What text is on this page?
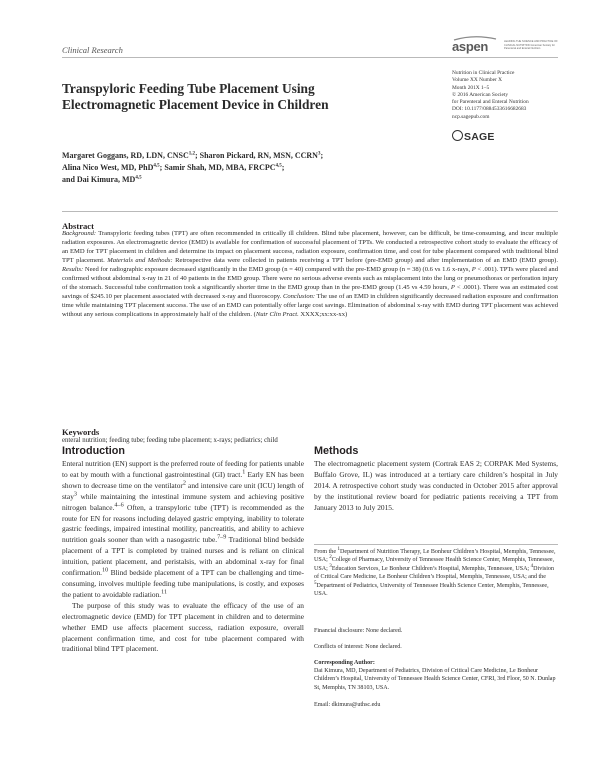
Clinical Research	aspen	LEADING THE SCIENCE AND PRACTICE OF CLINICAL NUTRITION American Society for Parenteral and Enteral Nutrition
Nutrition in Clinical Practice
Volume XX Number X
Month 201X 1–5
© 2016 American Society
for Parenteral and Enteral Nutrition
DOI: 10.1177/0884533616682683
ncp.sagepub.com
SAGE
Transpyloric Feeding Tube Placement Using Electromagnetic Placement Device in Children
Margaret Goggans, RD, LDN, CNSC$^{1,2}$; Sharon Pickard, RN, MSN, CCRN$^3$;
Alina Nico West, MD, PhD$^{4,5}$; Samir Shah, MD, MBA, FRCPC$^{4,5}$;
and Dai Kimura, MD$^{4,5}$
Abstract
Background: Transpyloric feeding tubes (TPT) are often recommended in critically ill children. Blind tube placement, however, can be difficult, be time-consuming, and incur multiple radiation exposures. An electromagnetic device (EMD) is available for confirmation of successful placement of TPTs. We conducted a retrospective cohort study to evaluate the efficacy of an EMD for TPT placement in children and determine its impact on placement success, radiation exposure, confirmation time, and cost for tube placement compared with traditional blind TPT placement. Materials and Methods: Retrospective data were collected in patients receiving a TPT before (pre-EMD group) and after implementation of an EMD (EMD group). Results: Need for radiographic exposure decreased significantly in the EMD group (n = 40) compared with the pre-EMD group (n = 38) (0.6 vs 1.6 x-rays, P < .001). TPTs were placed and confirmed without abdominal x-ray in 21 of 40 patients in the EMD group. There were no serious adverse events such as misplacement into the lung or pneumothorax or perforation injury of the stomach. Successful tube confirmation took a significantly shorter time in the EMD group than in the pre-EMD group (1.45 vs 4.59 hours, P < .0001). There was an estimated cost savings of $245.10 per placement associated with decreased x-ray and fluoroscopy. Conclusion: The use of an EMD in children significantly decreased radiation exposure and confirmation time while maintaining TPT placement success. The use of an EMD can potentially offer large cost savings. Elimination of abdominal x-ray with EMD during TPT placement was achieved without any serious complications in approximately half of the children. (Nutr Clin Pract. XXXX;xx:xx-xx)
Keywords
enteral nutrition; feeding tube; feeding tube placement; x-rays; pediatrics; child
Introduction	Methods

Enteral nutrition (EN) support is the preferred route of feeding for patients unable to eat by mouth with a functional gastrointestinal (GI) tract.$^1$ Early EN has been shown to decrease time on the ventilator$^2$ and intensive care unit (ICU) length of stay$^3$ while maintaining the intestinal immune system and achieving positive nitrogen balance.$^{4-6}$ Often, a transpyloric tube (TPT) is recommended as the route for EN for reasons including delayed gastric emptying, inability to tolerate gastric feedings, impaired intestinal motility, pancreatitis, and ability to achieve nutrition goals sooner than with a nasogastric tube.$^{7-9}$ Traditional blind bedside placement of a TPT is completed by trained nurses and is reliant on clinical intuition, patient placement, and peristalsis, with an abdominal x-ray for final confirmation.$^{10}$ Blind bedside placement of a TPT can be challenging and time-consuming, involves multiple feeding tube manipulations, is costly, and exposes the patient to avoidable radiation.$^{11}$

The purpose of this study was to evaluate the efficacy of the use of an electromagnetic device (EMD) for TPT placement in children and to determine whether EMD use affects placement success, radiation exposure, overall placement confirmation time, and cost for tube placement compared with traditional blind TPT placement.

The electromagnetic placement system (Cortrak EAS 2; CORPAK Med Systems, Buffalo Grove, IL) was introduced at a tertiary care children’s hospital in July 2014. A retrospective cohort study was conducted in October 2015 after approval by the institutional review board for pediatric patients receiving a TPT from January 2013 to July 2015.
From the $^1$Department of Nutrition Therapy, Le Bonheur Children’s Hospital, Memphis, Tennessee, USA; $^2$College of Pharmacy, University of Tennessee Health Science Center, Memphis, Tennessee, USA; $^3$Education Services, Le Bonheur Children’s Hospital, Memphis, Tennessee, USA; $^4$Division of Critical Care Medicine, Le Bonheur Children’s Hospital, Memphis, Tennessee, USA; and the $^5$Department of Pediatrics, University of Tennessee Health Science Center, Memphis, Tennessee, USA.
Financial disclosure: None declared.
Conflicts of interest: None declared.
Corresponding Author:
Dai Kimura, MD, Department of Pediatrics, Division of Critical Care Medicine, Le Bonheur Children’s Hospital, University of Tennessee Health Science Center, CFRI, 3rd Floor, 50 N. Dunlap St, Memphis, TN 38103, USA.
Email: dkimura@uthsc.edu
